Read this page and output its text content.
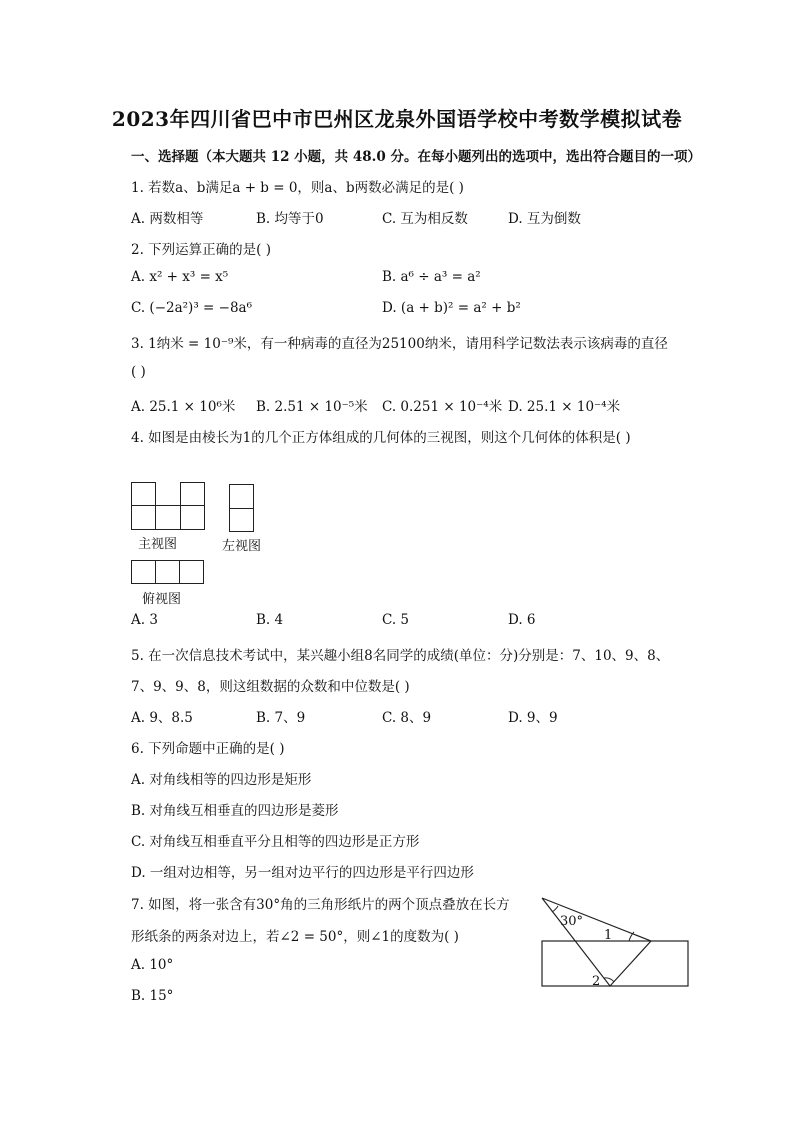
2023年四川省巴中市巴州区龙泉外国语学校中考数学模拟试卷
一、选择题（本大题共 12 小题，共 48.0 分。在每小题列出的选项中，选出符合题目的一项）
1. 若数a、b满足a + b = 0，则a、b两数必满足的是( )
A. 两数相等	B. 均等于0	C. 互为相反数	D. 互为倒数
2. 下列运算正确的是( )
A. x² + x³ = x⁵	B. a⁶ ÷ a³ = a²
C. (−2a²)³ = −8a⁶	D. (a + b)² = a² + b²
3. 1纳米 = 10⁻⁹米，有一种病毒的直径为25100纳米，请用科学记数法表示该病毒的直径
( )
A. 25.1 × 10⁶米 B. 2.51 × 10⁻⁵米 C. 0.251 × 10⁻⁴米 D. 25.1 × 10⁻⁴米
4. 如图是由棱长为1的几个正方体组成的几何体的三视图，则这个几何体的体积是( )
主视图	左视图
俯视图
A. 3	B. 4	C. 5	D. 6
5. 在一次信息技术考试中，某兴趣小组8名同学的成绩(单位：分)分别是：7、10、9、8、
7、9、9、8，则这组数据的众数和中位数是( )
A. 9、8.5	B. 7、9	C. 8、9	D. 9、9
6. 下列命题中正确的是( )
A. 对角线相等的四边形是矩形
B. 对角线互相垂直的四边形是菱形
C. 对角线互相垂直平分且相等的四边形是正方形
D. 一组对边相等，另一组对边平行的四边形是平行四边形
7. 如图，将一张含有30°角的三角形纸片的两个顶点叠放在长方
形纸条的两条对边上，若∠2 = 50°，则∠1的度数为( )
A. 10°
B. 15°
30°
1
2
